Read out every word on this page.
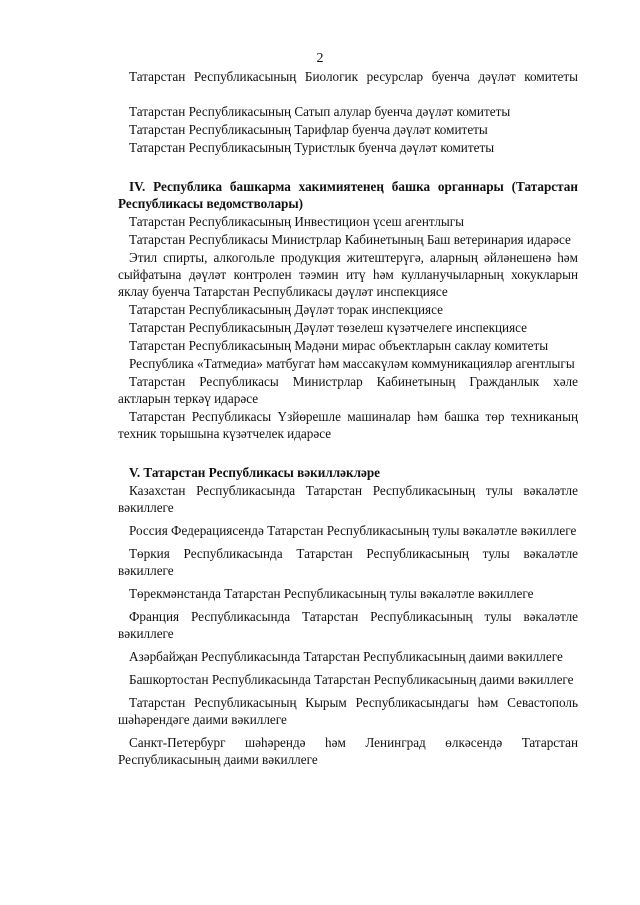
2

Татарстан Республикасының Биологик ресурслар буенча дәүләт комитеты

Татарстан Республикасының Сатып алулар буенча дәүләт комитеты

Татарстан Республикасының Тарифлар буенча дәүләт комитеты

Татарстан Республикасының Туристлык буенча дәүләт комитеты

IV. Республика башкарма хакимиятенең башка органнары (Татарстан Республикасы ведомстволары)

Татарстан Республикасының Инвестицион үсеш агентлыгы

Татарстан Республикасы Министрлар Кабинетының Баш ветеринария идарәсе

Этил спирты, алкогольле продукция житештерүгә, аларның әйләнешенә һәм сыйфатына дәүләт контролен тәэмин итү һәм кулланучыларның хокукларын яклау буенча Татарстан Республикасы дәүләт инспекциясе

Татарстан Республикасының Дәүләт торак инспекциясе

Татарстан Республикасының Дәүләт төзелеш күзәтчелеге инспекциясе

Татарстан Республикасының Мәдәни мирас объектларын саклау комитеты

Республика «Татмедиа» матбугат һәм массакүләм коммуникацияләр агентлыгы

Татарстан Республикасы Министрлар Кабинетының Гражданлык хәле актларын теркәү идарәсе

Татарстан Республикасы Үзйөрешле машиналар һәм башка төр техниканың техник торышына күзәтчелек идарәсе

V. Татарстан Республикасы вәкилләкләре

Казахстан Республикасында Татарстан Республикасының тулы вәкаләтле вәкиллеге

Россия Федерациясендә Татарстан Республикасының тулы вәкаләтле вәкиллеге

Төркия Республикасында Татарстан Республикасының тулы вәкаләтле вәкиллеге

Төрекмәнстанда Татарстан Республикасының тулы вәкаләтле вәкиллеге

Франция Республикасында Татарстан Республикасының тулы вәкаләтле вәкиллеге

Азәрбайҗан Республикасында Татарстан Республикасының даими вәкиллеге

Башкортостан Республикасында Татарстан Республикасының даими вәкиллеге

Татарстан Республикасының Кырым Республикасындагы һәм Севастополь шәһәрендәге даими вәкиллеге

Санкт-Петербург шәһәрендә һәм Ленинград өлкәсендә Татарстан Республикасының даими вәкиллеге
